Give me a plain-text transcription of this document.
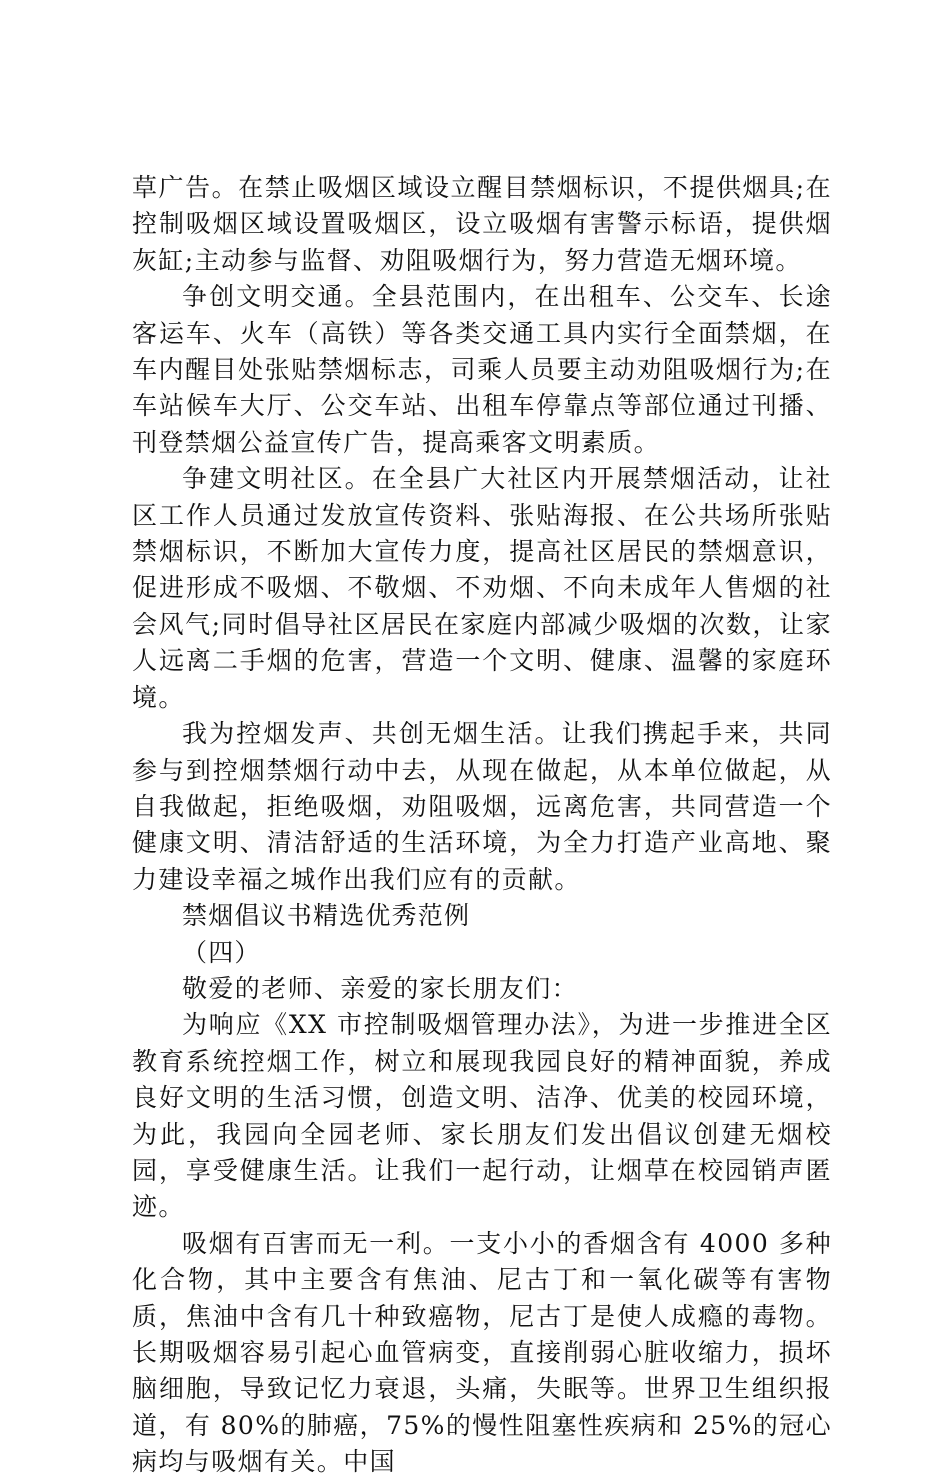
草广告。在禁止吸烟区域设立醒目禁烟标识，不提供烟具;在控制吸烟区域设置吸烟区，设立吸烟有害警示标语，提供烟灰缸;主动参与监督、劝阻吸烟行为，努力营造无烟环境。

争创文明交通。全县范围内，在出租车、公交车、长途客运车、火车（高铁）等各类交通工具内实行全面禁烟，在车内醒目处张贴禁烟标志，司乘人员要主动劝阻吸烟行为;在车站候车大厅、公交车站、出租车停靠点等部位通过刊播、刊登禁烟公益宣传广告，提高乘客文明素质。

争建文明社区。在全县广大社区内开展禁烟活动，让社区工作人员通过发放宣传资料、张贴海报、在公共场所张贴禁烟标识，不断加大宣传力度，提高社区居民的禁烟意识，促进形成不吸烟、不敬烟、不劝烟、不向未成年人售烟的社会风气;同时倡导社区居民在家庭内部减少吸烟的次数，让家人远离二手烟的危害，营造一个文明、健康、温馨的家庭环境。

我为控烟发声、共创无烟生活。让我们携起手来，共同参与到控烟禁烟行动中去，从现在做起，从本单位做起，从自我做起，拒绝吸烟，劝阻吸烟，远离危害，共同营造一个健康文明、清洁舒适的生活环境，为全力打造产业高地、聚力建设幸福之城作出我们应有的贡献。

禁烟倡议书精选优秀范例

（四）

敬爱的老师、亲爱的家长朋友们：

为响应《XX 市控制吸烟管理办法》，为进一步推进全区教育系统控烟工作，树立和展现我园良好的精神面貌，养成良好文明的生活习惯，创造文明、洁净、优美的校园环境，为此，我园向全园老师、家长朋友们发出倡议创建无烟校园，享受健康生活。让我们一起行动，让烟草在校园销声匿迹。

吸烟有百害而无一利。一支小小的香烟含有 4000 多种化合物，其中主要含有焦油、尼古丁和一氧化碳等有害物质，焦油中含有几十种致癌物，尼古丁是使人成瘾的毒物。长期吸烟容易引起心血管病变，直接削弱心脏收缩力，损坏脑细胞，导致记忆力衰退，头痛，失眠等。世界卫生组织报道，有 80%的肺癌，75%的慢性阻塞性疾病和 25%的冠心病均与吸烟有关。中国
